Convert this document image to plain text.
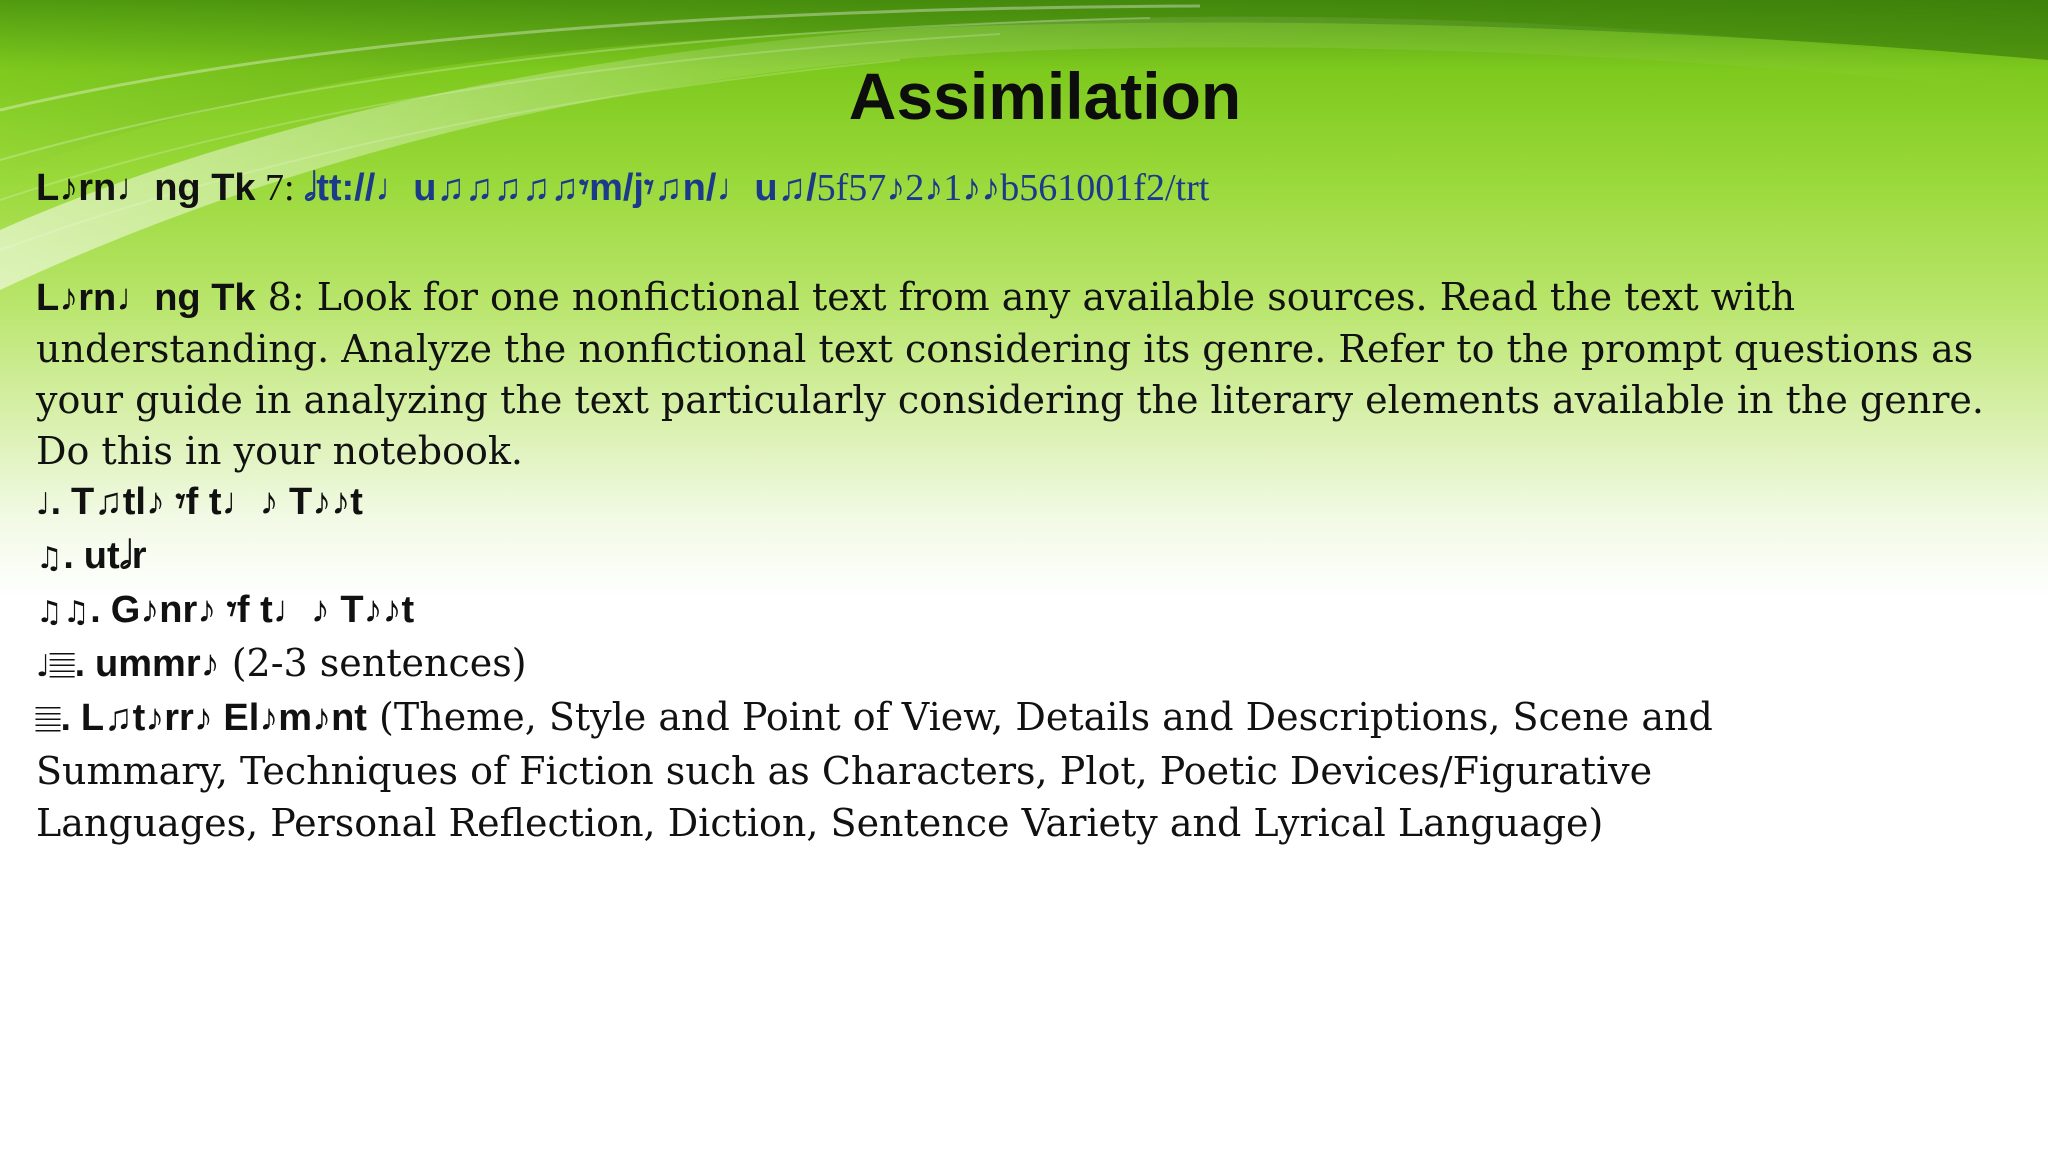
Assimilation
L♪rn♩ng Tk 7: 𝅗𝅥tt://♩u♫♫♫♫♫𝄾m/j𝄾♫n/♩u♫/5f57♪2♪1♪♪b561001f2/trt
L♪rn♩ng Tk 8: Look for one nonfictional text from any available sources. Read the text with understanding. Analyze the nonfictional text considering its genre. Refer to the prompt questions as your guide in analyzing the text particularly considering the literary elements available in the genre. Do this in your notebook.

♩. T♫tl♪ 𝄾f t♩♪ T♪♪t

♫. ut𝅗𝅥r

♫♫. G♪nr♪ 𝄾f t♩♪ T♪♪t

♩𝄚. ummr♪ (2-3 sentences)

𝄚. L♫t♪rr♪ El♪m♪nt (Theme, Style and Point of View, Details and Descriptions, Scene and Summary, Techniques of Fiction such as Characters, Plot, Poetic Devices/Figurative Languages, Personal Reflection, Diction, Sentence Variety and Lyrical Language)
